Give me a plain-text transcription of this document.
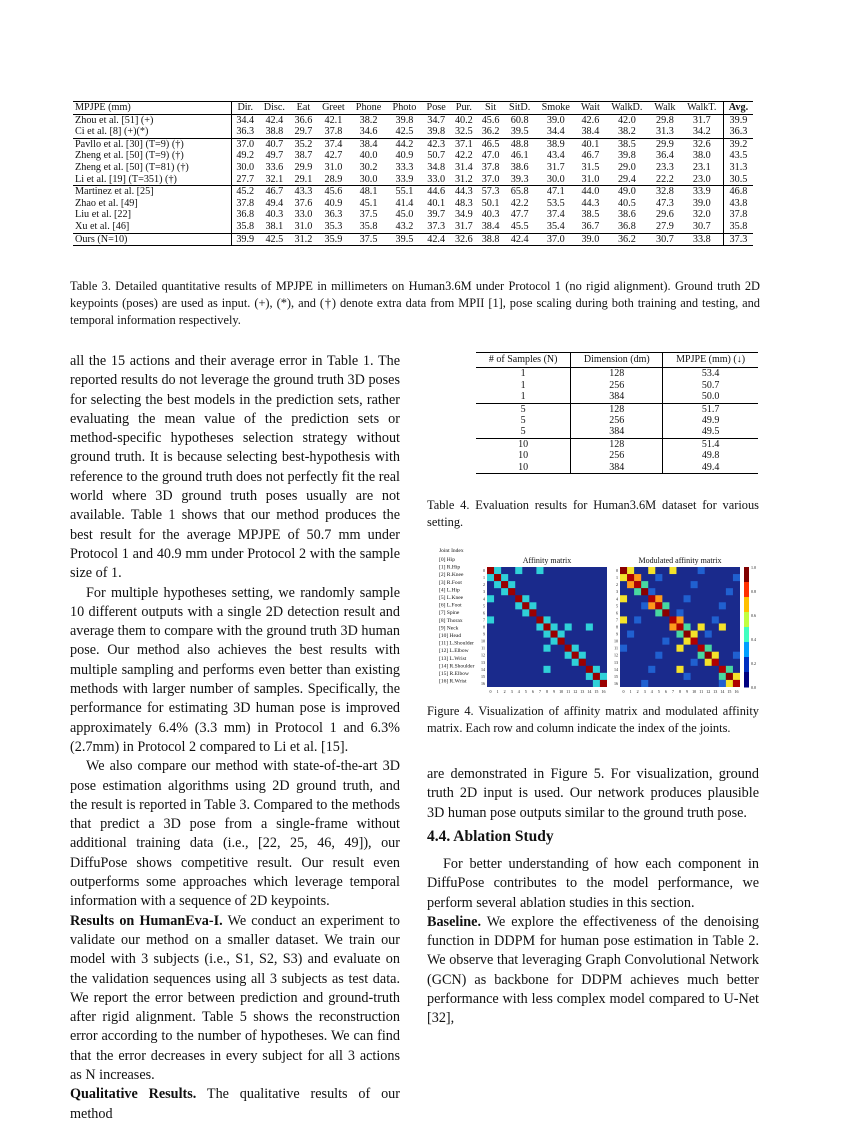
MPJPE (mm)	Dir.	Disc.	Eat	Greet	Phone	Photo	Pose	Pur.	Sit	SitD.	Smoke	Wait	WalkD.	Walk	WalkT.	Avg.
Zhou et al. [51] (+)	34.4	42.4	36.6	42.1	38.2	39.8	34.7	40.2	45.6	60.8	39.0	42.6	42.0	29.8	31.7	39.9
Ci et al. [8] (+)(*)	36.3	38.8	29.7	37.8	34.6	42.5	39.8	32.5	36.2	39.5	34.4	38.4	38.2	31.3	34.2	36.3
Pavllo et al. [30] (T=9) (†)	37.0	40.7	35.2	37.4	38.4	44.2	42.3	37.1	46.5	48.8	38.9	40.1	38.5	29.9	32.6	39.2
Zheng et al. [50] (T=9) (†)	49.2	49.7	38.7	42.7	40.0	40.9	50.7	42.2	47.0	46.1	43.4	46.7	39.8	36.4	38.0	43.5
Zheng et al. [50] (T=81) (†)	30.0	33.6	29.9	31.0	30.2	33.3	34.8	31.4	37.8	38.6	31.7	31.5	29.0	23.3	23.1	31.3
Li et al. [19] (T=351) (†)	27.7	32.1	29.1	28.9	30.0	33.9	33.0	31.2	37.0	39.3	30.0	31.0	29.4	22.2	23.0	30.5
Martinez et al. [25]	45.2	46.7	43.3	45.6	48.1	55.1	44.6	44.3	57.3	65.8	47.1	44.0	49.0	32.8	33.9	46.8
Zhao et al. [49]	37.8	49.4	37.6	40.9	45.1	41.4	40.1	48.3	50.1	42.2	53.5	44.3	40.5	47.3	39.0	43.8
Liu et al. [22]	36.8	40.3	33.0	36.3	37.5	45.0	39.7	34.9	40.3	47.7	37.4	38.5	38.6	29.6	32.0	37.8
Xu et al. [46]	35.8	38.1	31.0	35.3	35.8	43.2	37.3	31.7	38.4	45.5	35.4	36.7	36.8	27.9	30.7	35.8
Ours (N=10)	39.9	42.5	31.2	35.9	37.5	39.5	42.4	32.6	38.8	42.4	37.0	39.0	36.2	30.7	33.8	37.3
Table 3. Detailed quantitative results of MPJPE in millimeters on Human3.6M under Protocol 1 (no rigid alignment). Ground truth 2D keypoints (poses) are used as input. (+), (*), and (†) denote extra data from MPII [1], pose scaling during both training and testing, and temporal information respectively.

all the 15 actions and their average error in Table 1. The reported results do not leverage the ground truth 3D poses for selecting the best models in the prediction sets, rather evaluating the mean value of the prediction sets or method-specific hypotheses selection strategy without ground truth. It is because selecting best-hypothesis with reference to the ground truth does not perfectly fit the real world where 3D ground truth poses usually are not available. Table 1 shows that our method produces the best result for the average MPJPE of 50.7 mm under Protocol 1 and 40.9 mm under Protocol 2 with the sample size of 1.

For multiple hypotheses setting, we randomly sample 10 different outputs with a single 2D detection result and average them to compare with the ground truth 3D human pose. Our method also achieves the best results with multiple sampling and performs even better than existing methods with larger number of samples. Specifically, the performance for estimating 3D human pose is improved approximately 6.4% (3.3 mm) in Protocol 1 and 6.3% (2.7mm) in Protocol 2 compared to Li et al. [15].

We also compare our method with state-of-the-art 3D pose estimation algorithms using 2D ground truth, and the result is reported in Table 3. Compared to the methods that predict a 3D pose from a single-frame without additional training data (i.e., [22, 25, 46, 49]), our DiffuPose shows competitive result. Our result even outperforms some approaches which leverage temporal information with a sequence of 2D keypoints.

Results on HumanEva-I. We conduct an experiment to validate our method on a smaller dataset. We train our model with 3 subjects (i.e., S1, S2, S3) and evaluate on the validation sequences using all 3 subjects as test data. We report the error between prediction and ground-truth after rigid alignment. Table 5 shows the reconstruction error according to the number of hypotheses. We can find that the error decreases in every subject for all 3 actions as N increases.

Qualitative Results. The qualitative results of our method

# of Samples (N)	Dimension (dm)	MPJPE (mm) (↓)
1	128	53.4
1	256	50.7
1	384	50.0
5	128	51.7
5	256	49.9
5	384	49.5
10	128	51.4
10	256	49.8
10	384	49.4
Table 4. Evaluation results for Human3.6M dataset for various setting.
Joint Index
[0] Hip
[1] R.Hip
[2] R.Knee
[3] R.Foot
[4] L.Hip
[5] L.Knee
[6] L.Foot
[7] Spine
[8] Thorax
[9] Neck
[10] Head
[11] L.Shoulder
[12] L.Elbow
[13] L.Wrist
[14] R.Shoulder
[15] R.Elbow
[16] R.Wrist
Affinity matrix
0
0
1
1
2
2
3
3
4
4
5
5
6
6
7
7
8
8
9
9
10
10
11
11
12
12
13
13
14
14
15
15
16
16
Modulated affinity matrix
0
0
1
1
2
2
3
3
4
4
5
5
6
6
7
7
8
8
9
9
10
10
11
11
12
12
13
13
14
14
15
15
16
16
1.0
0.8
0.6
0.4
0.2
0.0
Figure 4. Visualization of affinity matrix and modulated affinity matrix. Each row and column indicate the index of the joints.
are demonstrated in Figure 5. For visualization, ground truth 2D input is used. Our network produces plausible 3D human pose outputs similar to the ground truth pose.
4.4. Ablation Study

For better understanding of how each component in DiffuPose contributes to the model performance, we perform several ablation studies in this section.

Baseline. We explore the effectiveness of the denoising function in DDPM for human pose estimation in Table 2. We observe that leveraging Graph Convolutional Network (GCN) as backbone for DDPM achieves much better performance with less complex model compared to U-Net [32],
